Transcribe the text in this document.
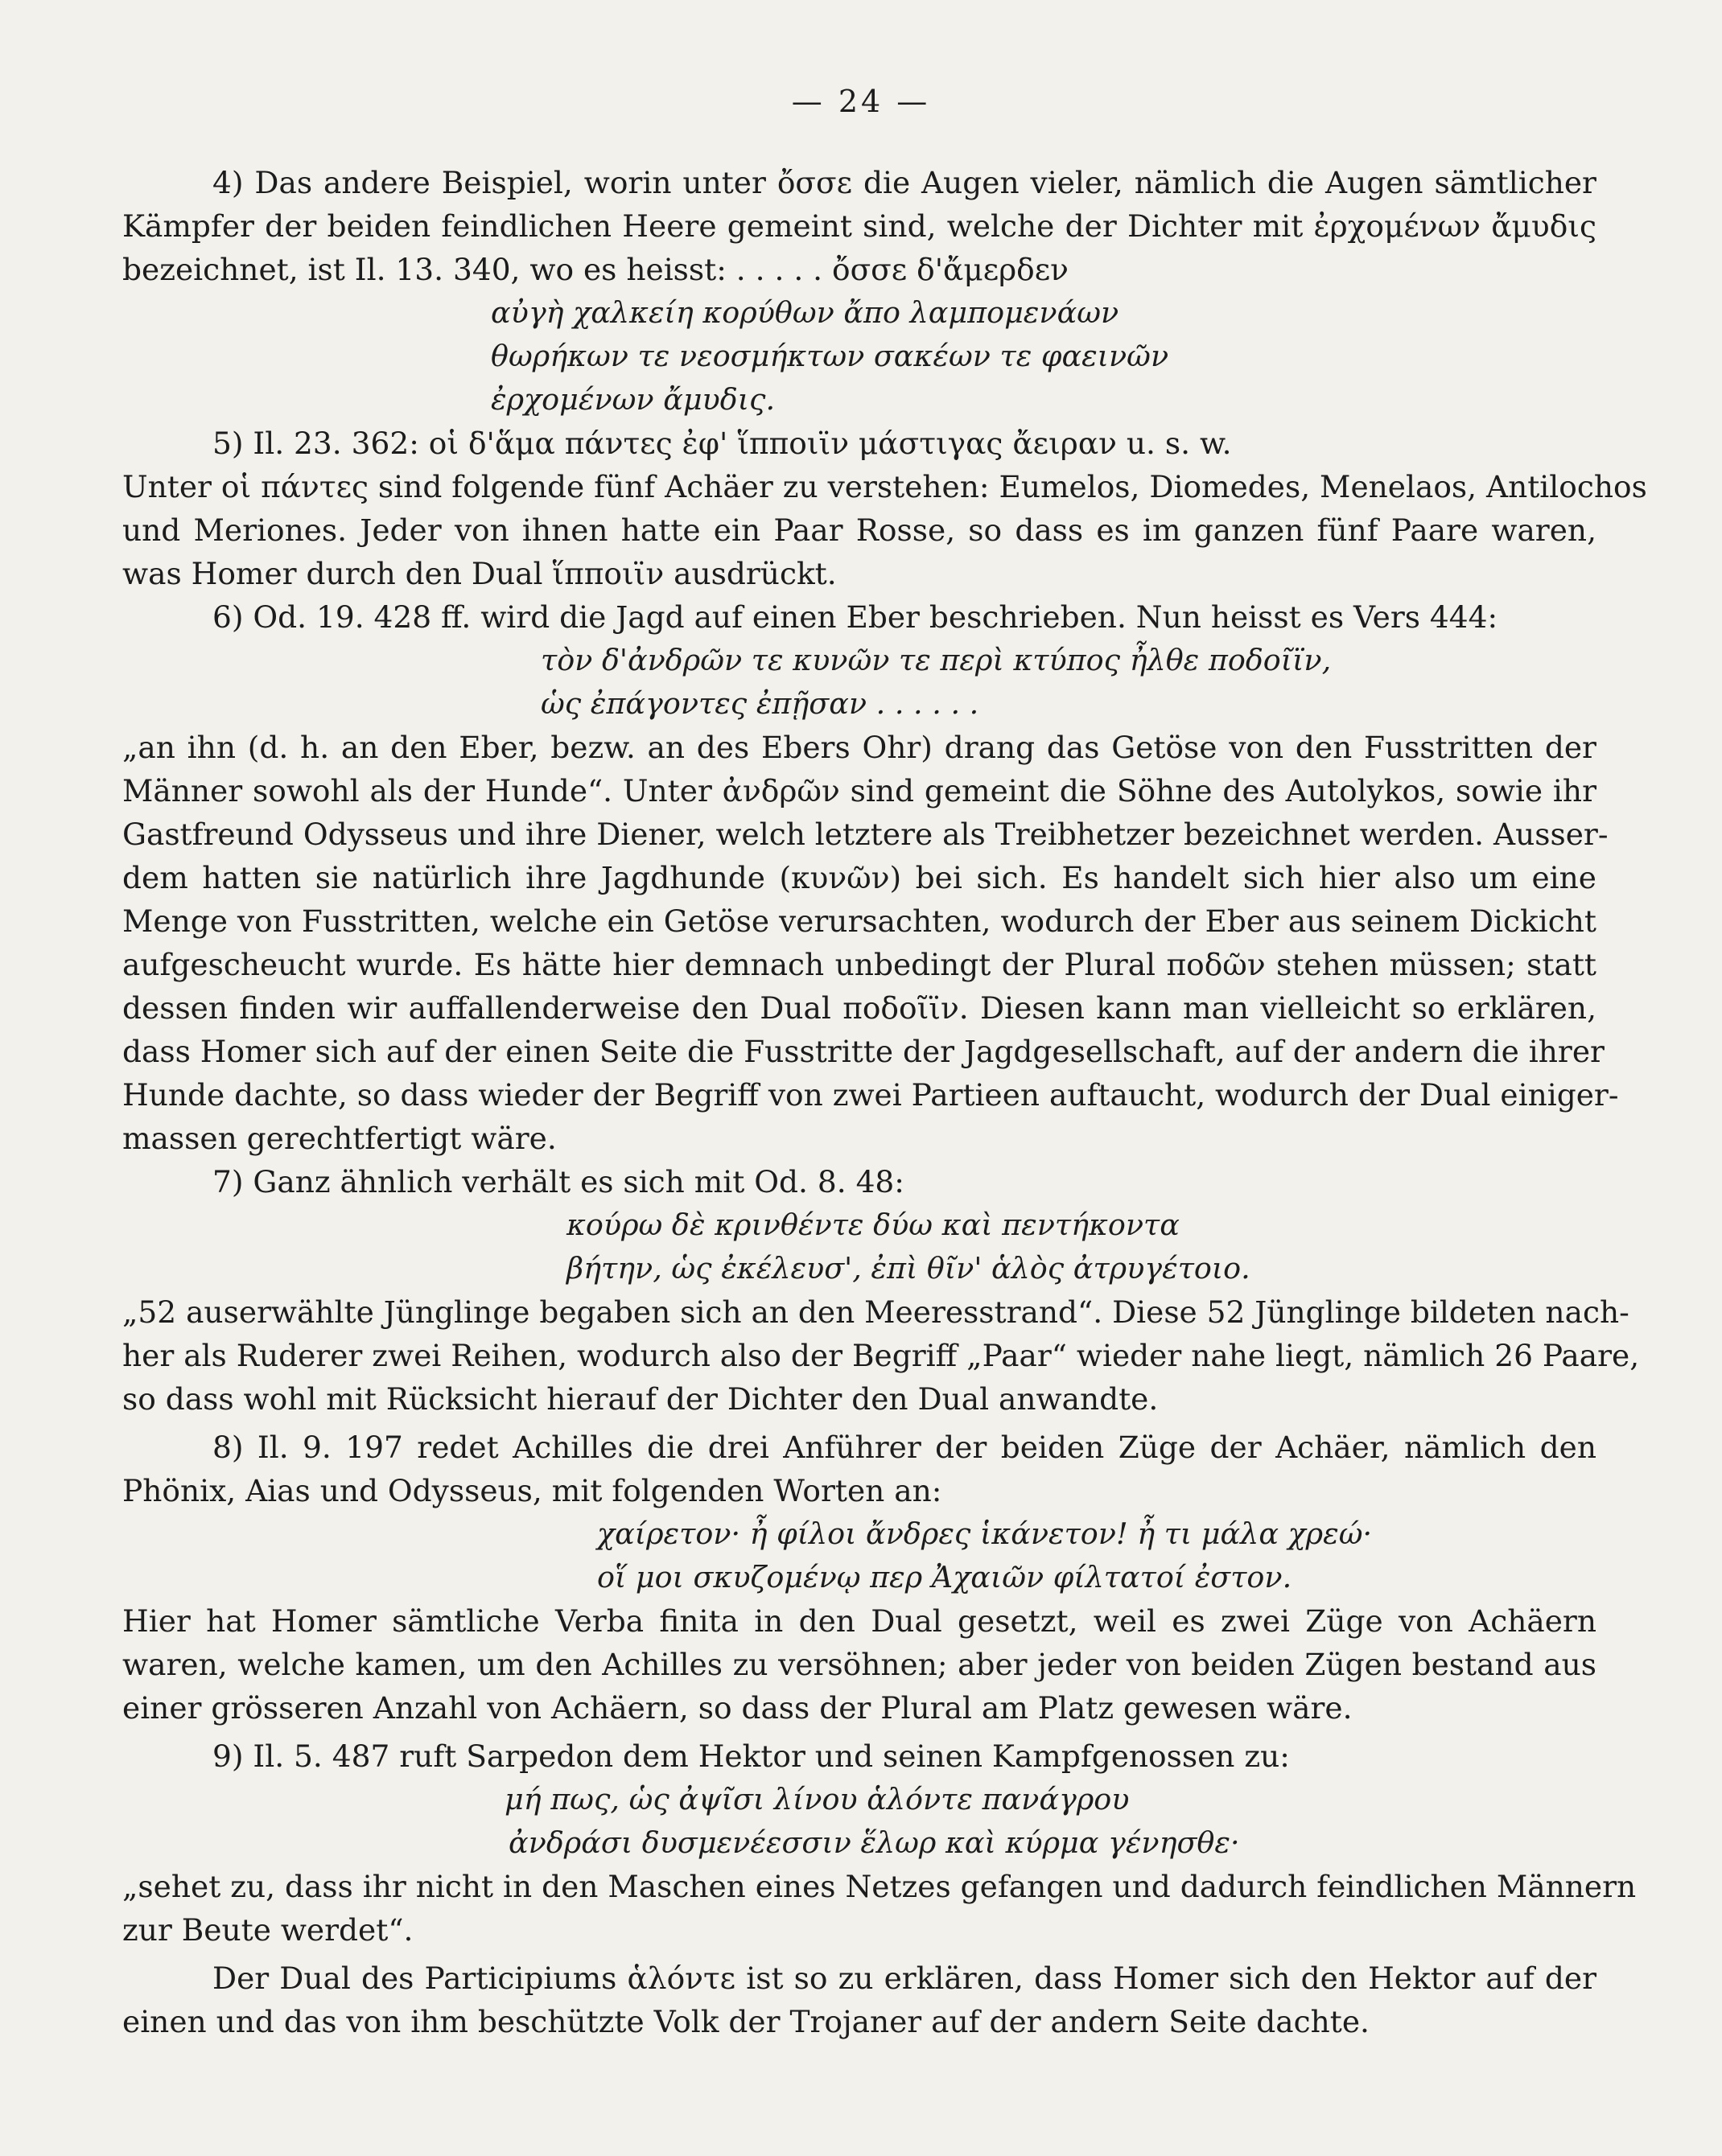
— 24 —
4) Das andere Beispiel, worin unter ὄσσε die Augen vieler, nämlich die Augen sämtlicher
Kämpfer der beiden feindlichen Heere gemeint sind, welche der Dichter mit ἐρχομένων ἄμυδις
bezeichnet, ist Il. 13. 340, wo es heisst: . . . . . ὄσσε δ'ἄμερδεν
αὐγὴ χαλκείη κορύθων ἄπο λαμπομενάων
θωρήκων τε νεοσμήκτων σακέων τε φαεινῶν
ἐρχομένων ἄμυδις.
5) Il. 23. 362: οἱ δ'ἅμα πάντες ἐφ' ἵπποιϊν μάστιγας ἄειραν u. s. w.
Unter οἱ πάντες sind folgende fünf Achäer zu verstehen: Eumelos, Diomedes, Menelaos, Antilochos
und Meriones. Jeder von ihnen hatte ein Paar Rosse, so dass es im ganzen fünf Paare waren,
was Homer durch den Dual ἵπποιϊν ausdrückt.
6) Od. 19. 428 ff. wird die Jagd auf einen Eber beschrieben. Nun heisst es Vers 444:
τὸν δ'ἀνδρῶν τε κυνῶν τε περὶ κτύπος ἦλθε ποδοῖϊν,
ὡς ἐπάγοντες ἐπῇσαν . . . . . .
„an ihn (d. h. an den Eber, bezw. an des Ebers Ohr) drang das Getöse von den Fusstritten der
Männer sowohl als der Hunde“. Unter ἀνδρῶν sind gemeint die Söhne des Autolykos, sowie ihr
Gastfreund Odysseus und ihre Diener, welch letztere als Treibhetzer bezeichnet werden. Ausser-
dem hatten sie natürlich ihre Jagdhunde (κυνῶν) bei sich. Es handelt sich hier also um eine
Menge von Fusstritten, welche ein Getöse verursachten, wodurch der Eber aus seinem Dickicht
aufgescheucht wurde. Es hätte hier demnach unbedingt der Plural ποδῶν stehen müssen; statt
dessen finden wir auffallenderweise den Dual ποδοῖϊν. Diesen kann man vielleicht so erklären,
dass Homer sich auf der einen Seite die Fusstritte der Jagdgesellschaft, auf der andern die ihrer
Hunde dachte, so dass wieder der Begriff von zwei Partieen auftaucht, wodurch der Dual einiger-
massen gerechtfertigt wäre.
7) Ganz ähnlich verhält es sich mit Od. 8. 48:
κούρω δὲ κρινθέντε δύω καὶ πεντήκοντα
βήτην, ὡς ἐκέλευσ', ἐπὶ θῖν' ἁλὸς ἀτρυγέτοιο.
„52 auserwählte Jünglinge begaben sich an den Meeresstrand“. Diese 52 Jünglinge bildeten nach-
her als Ruderer zwei Reihen, wodurch also der Begriff „Paar“ wieder nahe liegt, nämlich 26 Paare,
so dass wohl mit Rücksicht hierauf der Dichter den Dual anwandte.
8) Il. 9. 197 redet Achilles die drei Anführer der beiden Züge der Achäer, nämlich den
Phönix, Aias und Odysseus, mit folgenden Worten an:
χαίρετον· ἦ φίλοι ἄνδρες ἱκάνετον! ἦ τι μάλα χρεώ·
οἵ μοι σκυζομένῳ περ Ἀχαιῶν φίλτατοί ἐστον.
Hier hat Homer sämtliche Verba finita in den Dual gesetzt, weil es zwei Züge von Achäern
waren, welche kamen, um den Achilles zu versöhnen; aber jeder von beiden Zügen bestand aus
einer grösseren Anzahl von Achäern, so dass der Plural am Platz gewesen wäre.
9) Il. 5. 487 ruft Sarpedon dem Hektor und seinen Kampfgenossen zu:
μή πως, ὡς ἀψῖσι λίνου ἁλόντε πανάγρου
ἀνδράσι δυσμενέεσσιν ἕλωρ καὶ κύρμα γένησθε·
„sehet zu, dass ihr nicht in den Maschen eines Netzes gefangen und dadurch feindlichen Männern
zur Beute werdet“.
Der Dual des Participiums ἁλόντε ist so zu erklären, dass Homer sich den Hektor auf der
einen und das von ihm beschützte Volk der Trojaner auf der andern Seite dachte.
